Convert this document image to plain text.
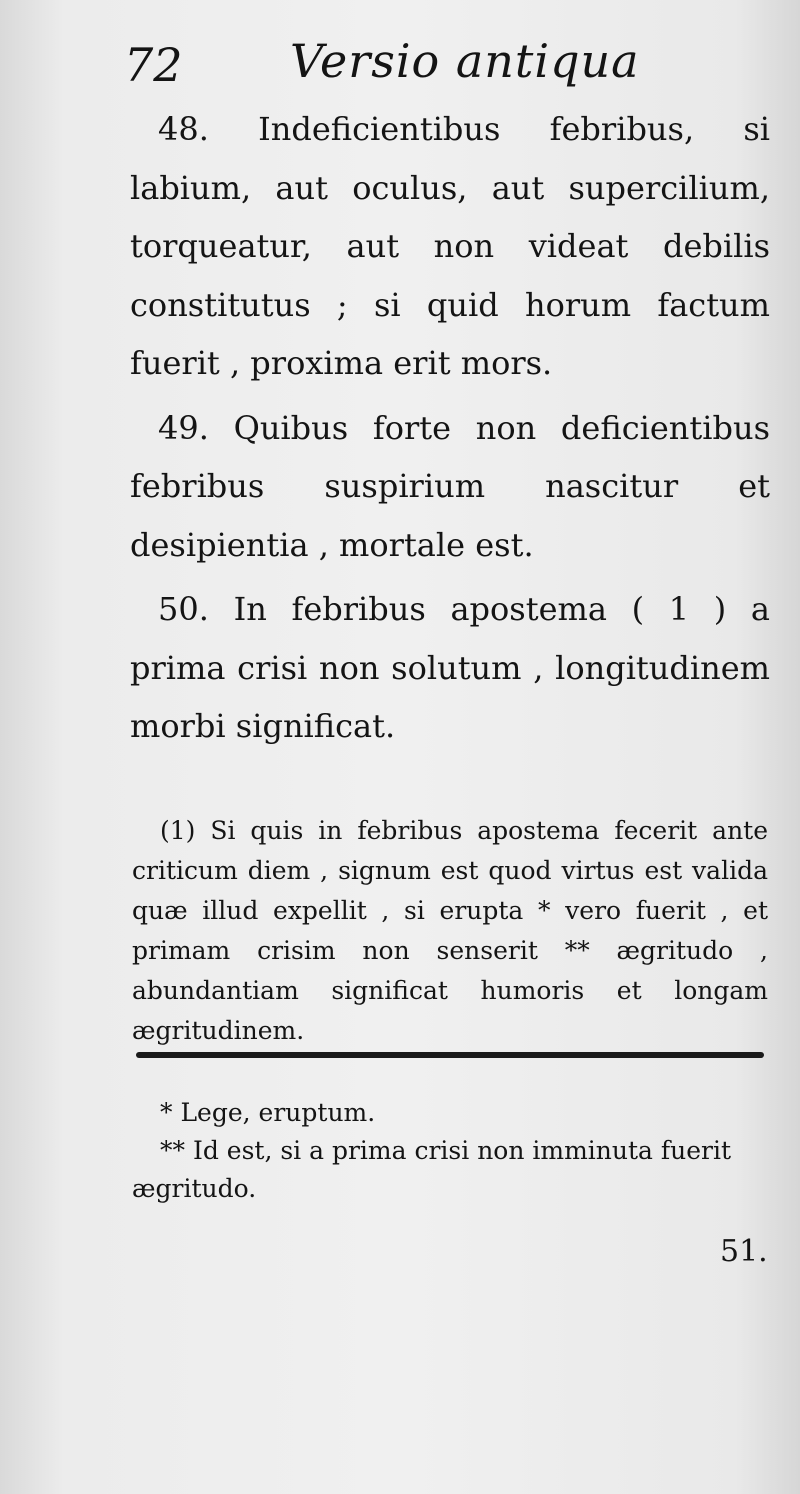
72 Versio antiqua

48. Indeficientibus febribus, si labium, aut oculus, aut supercilium, torqueatur, aut non videat debilis constitutus ; si quid horum factum fuerit , proxima erit mors.

49. Quibus forte non deficientibus febribus suspirium nascitur et desipientia , mortale est.

50. In febribus apostema ( 1 ) a prima crisi non solutum , longitudinem morbi significat.

(1) Si quis in febribus apostema fecerit ante criticum diem , signum est quod virtus est valida quæ illud expellit , si erupta * vero fuerit , et primam crisim non senserit ** ægritudo , abundantiam significat humoris et longam ægritudinem.

* Lege, eruptum.

** Id est, si a prima crisi non imminuta fuerit ægritudo.

51.
